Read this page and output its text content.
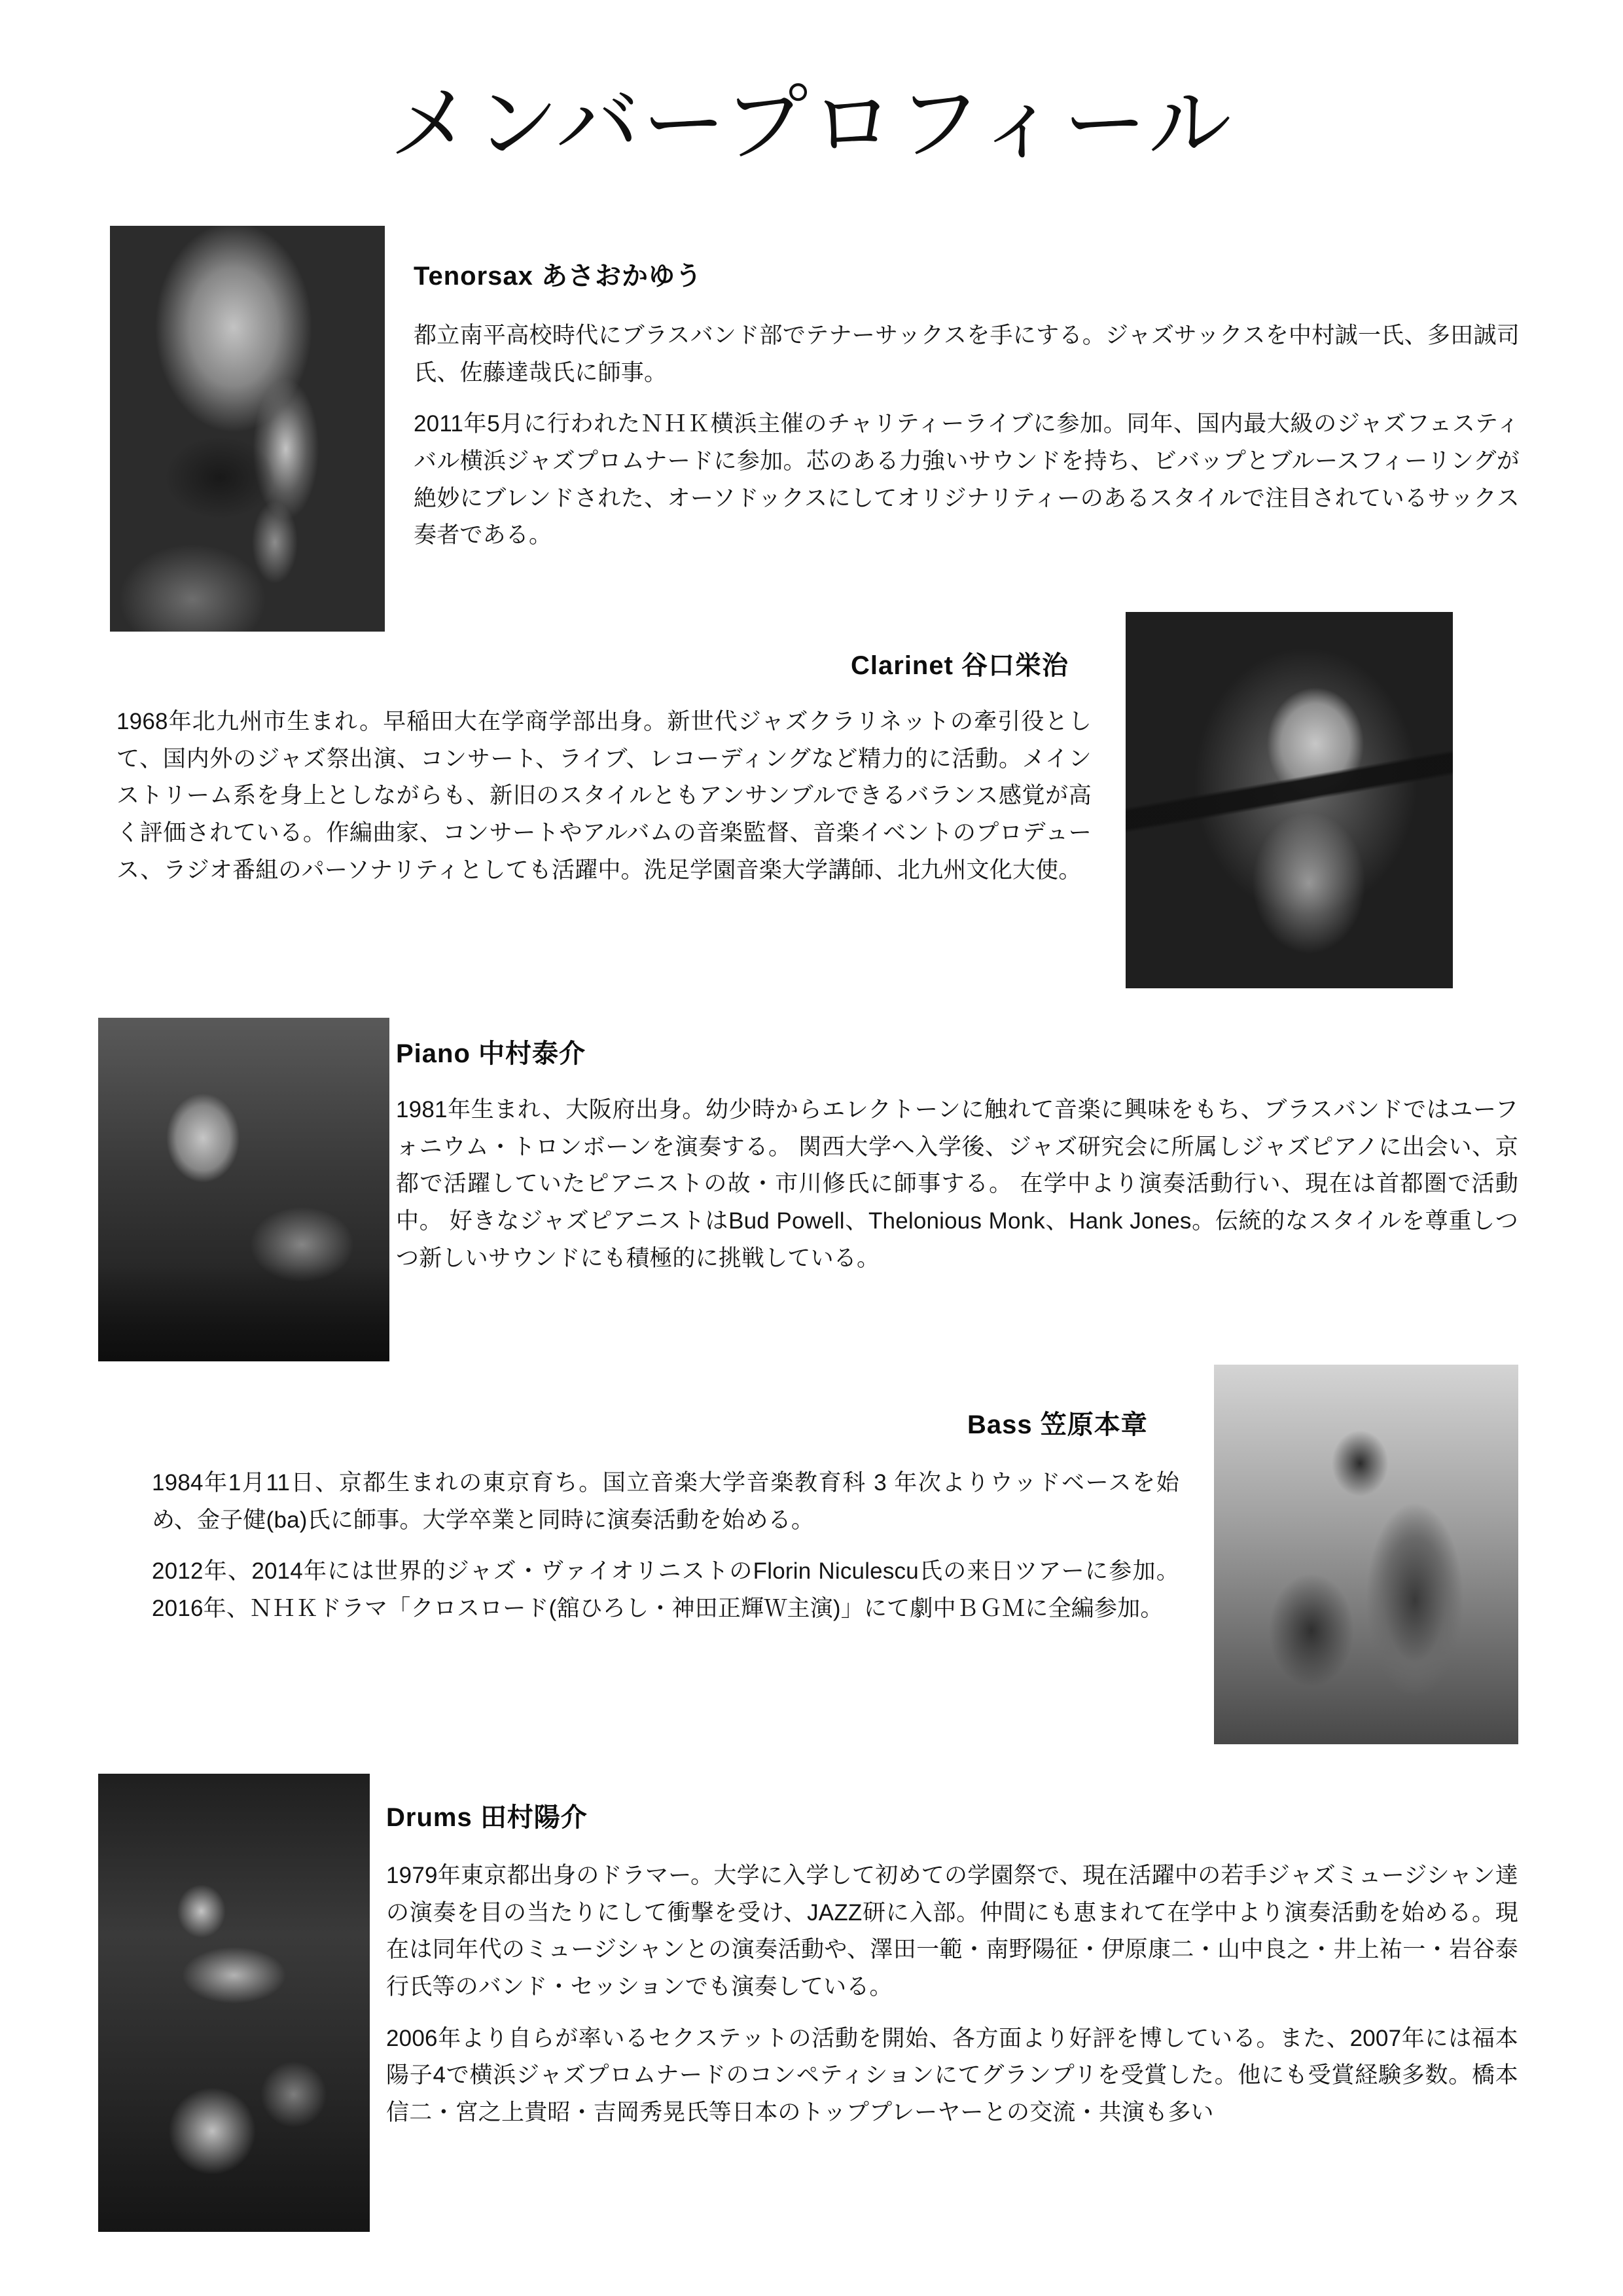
メンバープロフィール
Tenorsax あさおかゆう

都立南平高校時代にブラスバンド部でテナーサックスを手にする。ジャズサックスを中村誠一氏、多田誠司氏、佐藤達哉氏に師事。

2011年5月に行われたＮＨＫ横浜主催のチャリティーライブに参加。同年、国内最大級のジャズフェスティバル横浜ジャズプロムナードに参加。芯のある力強いサウンドを持ち、ビバップとブルースフィーリングが絶妙にブレンドされた、オーソドックスにしてオリジナリティーのあるスタイルで注目されているサックス奏者である。

Clarinet 谷口栄治

1968年北九州市生まれ。早稲田大在学商学部出身。新世代ジャズクラリネットの牽引役として、国内外のジャズ祭出演、コンサート、ライブ、レコーディングなど精力的に活動。メインストリーム系を身上としながらも、新旧のスタイルともアンサンブルできるバランス感覚が高く評価されている。作編曲家、コンサートやアルバムの音楽監督、音楽イベントのプロデュース、ラジオ番組のパーソナリティとしても活躍中。洗足学園音楽大学講師、北九州文化大使。

Piano 中村泰介

1981年生まれ、大阪府出身。幼少時からエレクトーンに触れて音楽に興味をもち、ブラスバンドではユーフォニウム・トロンボーンを演奏する。 関西大学へ入学後、ジャズ研究会に所属しジャズピアノに出会い、京都で活躍していたピアニストの故・市川修氏に師事する。 在学中より演奏活動行い、現在は首都圏で活動中。 好きなジャズピアニストはBud Powell、Thelonious Monk、Hank Jones。伝統的なスタイルを尊重しつつ新しいサウンドにも積極的に挑戦している。

Bass 笠原本章

1984年1月11日、京都生まれの東京育ち。国立音楽大学音楽教育科 3 年次よりウッドベースを始め、金子健(ba)氏に師事。大学卒業と同時に演奏活動を始める。

2012年、2014年には世界的ジャズ・ヴァイオリニストのFlorin Niculescu氏の来日ツアーに参加。2016年、ＮＨＫドラマ「クロスロード(舘ひろし・神田正輝Ｗ主演)」にて劇中ＢＧＭに全編参加。

Drums 田村陽介

1979年東京都出身のドラマー。大学に入学して初めての学園祭で、現在活躍中の若手ジャズミュージシャン達の演奏を目の当たりにして衝撃を受け、JAZZ研に入部。仲間にも恵まれて在学中より演奏活動を始める。現在は同年代のミュージシャンとの演奏活動や、澤田一範・南野陽征・伊原康二・山中良之・井上祐一・岩谷泰行氏等のバンド・セッションでも演奏している。

2006年より自らが率いるセクステットの活動を開始、各方面より好評を博している。また、2007年には福本陽子4で横浜ジャズプロムナードのコンペティションにてグランプリを受賞した。他にも受賞経験多数。橋本信二・宮之上貴昭・吉岡秀晃氏等日本のトッププレーヤーとの交流・共演も多い
